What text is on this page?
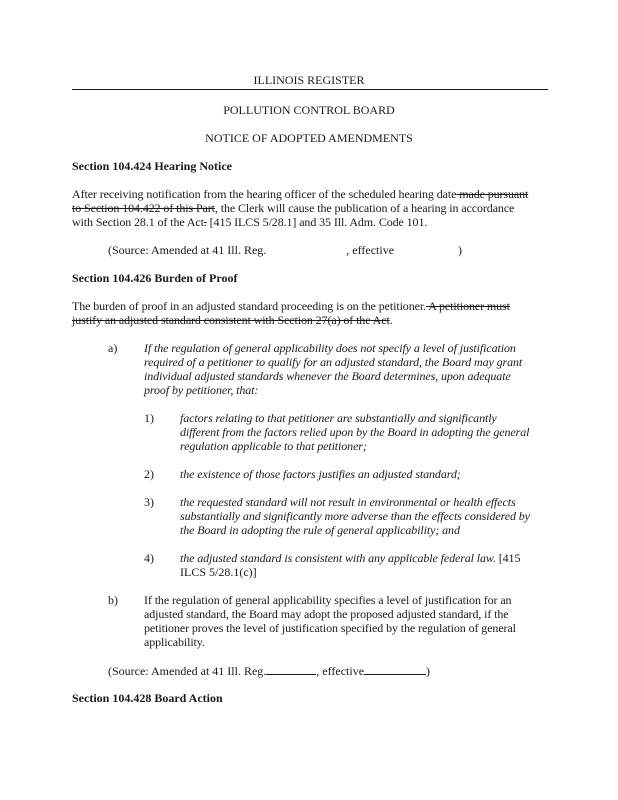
ILLINOIS REGISTER
POLLUTION CONTROL BOARD
NOTICE OF ADOPTED AMENDMENTS
Section 104.424 Hearing Notice
After receiving notification from the hearing officer of the scheduled hearing date made pursuant
to Section 104.422 of this Part, the Clerk will cause the publication of a hearing in accordance
with Section 28.1 of the Act. [415 ILCS 5/28.1] and 35 Ill. Adm. Code 101.
(Source: Amended at 41 Ill. Reg.	, effective	)
Section 104.426 Burden of Proof
The burden of proof in an adjusted standard proceeding is on the petitioner. A petitioner must
justify an adjusted standard consistent with Section 27(a) of the Act.
a) If the regulation of general applicability does not specify a level of justification
required of a petitioner to qualify for an adjusted standard, the Board may grant
individual adjusted standards whenever the Board determines, upon adequate
proof by petitioner, that:
1) factors relating to that petitioner are substantially and significantly
different from the factors relied upon by the Board in adopting the general
regulation applicable to that petitioner;
2) the existence of those factors justifies an adjusted standard;
3) the requested standard will not result in environmental or health effects
substantially and significantly more adverse than the effects considered by
the Board in adopting the rule of general applicability; and
4) the adjusted standard is consistent with any applicable federal law. [415
ILCS 5/28.1(c)]
b) If the regulation of general applicability specifies a level of justification for an
adjusted standard, the Board may adopt the proposed adjusted standard, if the
petitioner proves the level of justification specified by the regulation of general
applicability.
(Source: Amended at 41 Ill. Reg.	, effective	)
Section 104.428 Board Action
